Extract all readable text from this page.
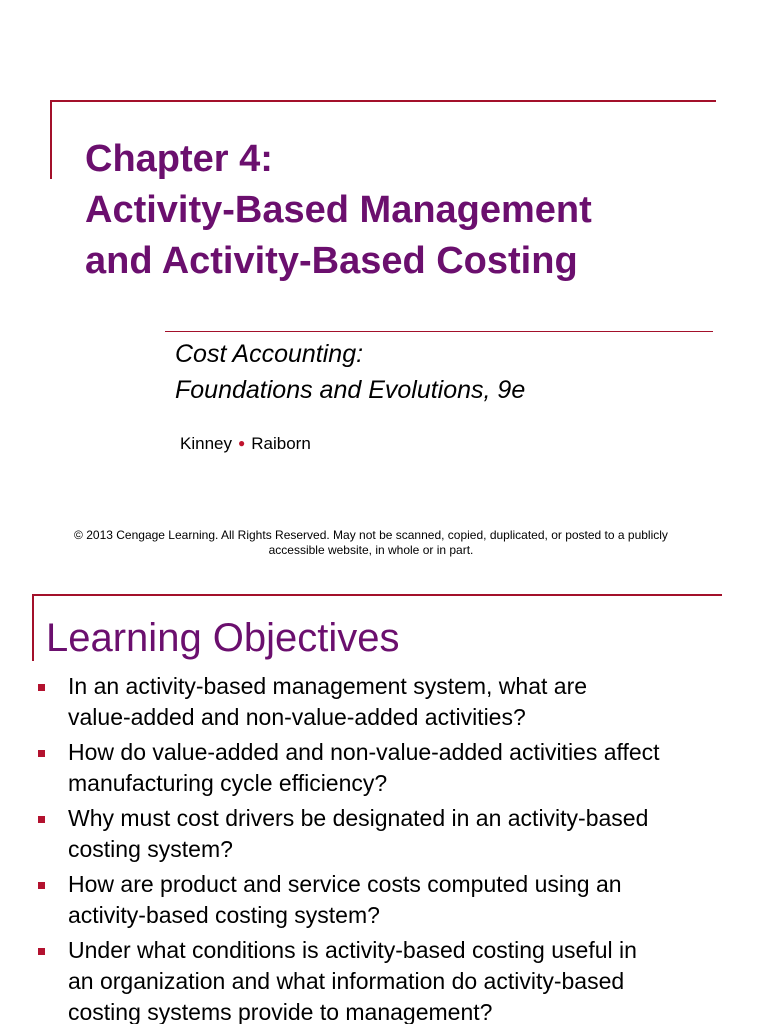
Chapter 4:
Activity-Based Management
and Activity-Based Costing
Cost Accounting:
Foundations and Evolutions, 9e
Kinney ● Raiborn
© 2013 Cengage Learning. All Rights Reserved. May not be scanned, copied, duplicated, or posted to a publicly
accessible website, in whole or in part.
Learning Objectives
In an activity-based management system, what are
value-added and non-value-added activities?
How do value-added and non-value-added activities affect
manufacturing cycle efficiency?
Why must cost drivers be designated in an activity-based
costing system?
How are product and service costs computed using an
activity-based costing system?
Under what conditions is activity-based costing useful in
an organization and what information do activity-based
costing systems provide to management?
